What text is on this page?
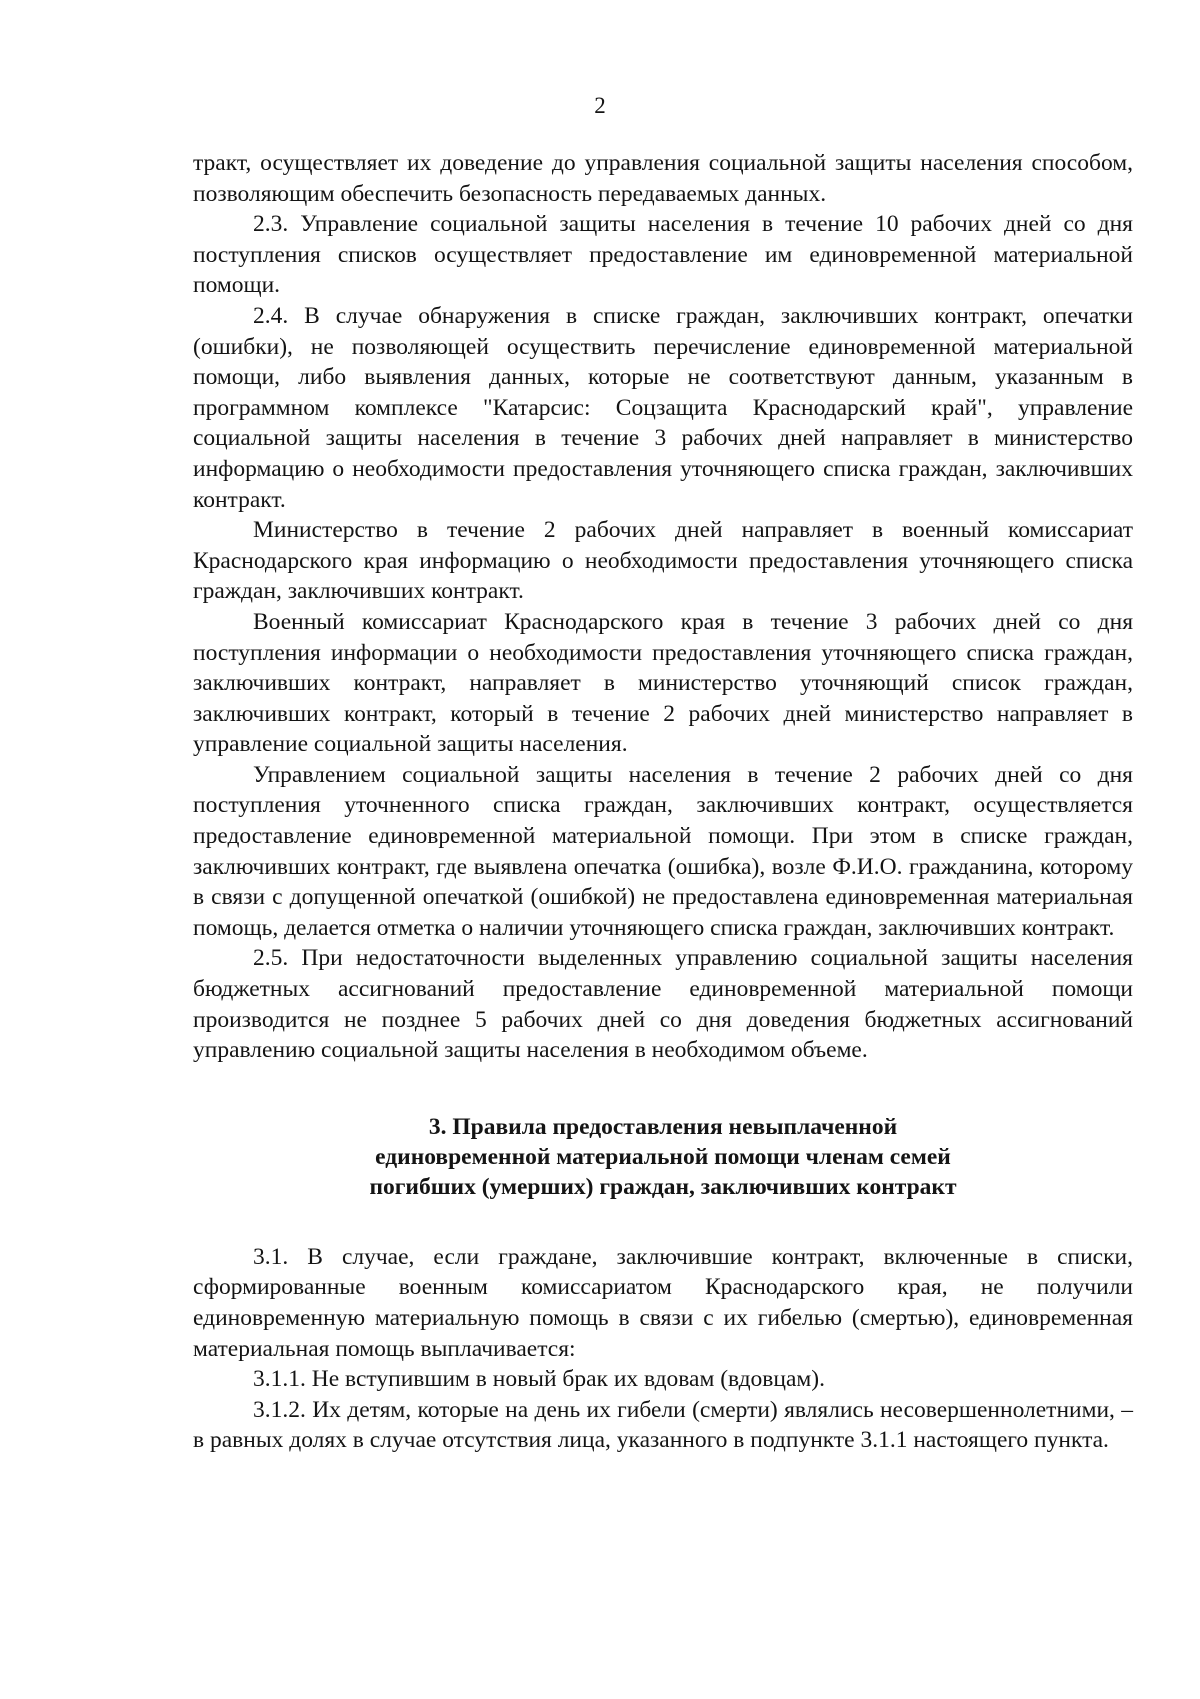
2

тракт, осуществляет их доведение до управления социальной защиты населения способом, позволяющим обеспечить безопасность передаваемых данных.

2.3. Управление социальной защиты населения в течение 10 рабочих дней со дня поступления списков осуществляет предоставление им единовременной материальной помощи.

2.4. В случае обнаружения в списке граждан, заключивших контракт, опечатки (ошибки), не позволяющей осуществить перечисление единовременной материальной помощи, либо выявления данных, которые не соответствуют данным, указанным в программном комплексе "Катарсис: Соцзащита Краснодарский край", управление социальной защиты населения в течение 3 рабочих дней направляет в министерство информацию о необходимости предоставления уточняющего списка граждан, заключивших контракт.

Министерство в течение 2 рабочих дней направляет в военный комиссариат Краснодарского края информацию о необходимости предоставления уточняющего списка граждан, заключивших контракт.

Военный комиссариат Краснодарского края в течение 3 рабочих дней со дня поступления информации о необходимости предоставления уточняющего списка граждан, заключивших контракт, направляет в министерство уточняющий список граждан, заключивших контракт, который в течение 2 рабочих дней министерство направляет в управление социальной защиты населения.

Управлением социальной защиты населения в течение 2 рабочих дней со дня поступления уточненного списка граждан, заключивших контракт, осуществляется предоставление единовременной материальной помощи. При этом в списке граждан, заключивших контракт, где выявлена опечатка (ошибка), возле Ф.И.О. гражданина, которому в связи с допущенной опечаткой (ошибкой) не предоставлена единовременная материальная помощь, делается отметка о наличии уточняющего списка граждан, заключивших контракт.

2.5. При недостаточности выделенных управлению социальной защиты населения бюджетных ассигнований предоставление единовременной материальной помощи производится не позднее 5 рабочих дней со дня доведения бюджетных ассигнований управлению социальной защиты населения в необходимом объеме.

3. Правила предоставления невыплаченной
единовременной материальной помощи членам семей
погибших (умерших) граждан, заключивших контракт

3.1. В случае, если граждане, заключившие контракт, включенные в списки, сформированные военным комиссариатом Краснодарского края, не получили единовременную материальную помощь в связи с их гибелью (смертью), единовременная материальная помощь выплачивается:

3.1.1. Не вступившим в новый брак их вдовам (вдовцам).

3.1.2. Их детям, которые на день их гибели (смерти) являлись несовершеннолетними, – в равных долях в случае отсутствия лица, указанного в подпункте 3.1.1 настоящего пункта.
